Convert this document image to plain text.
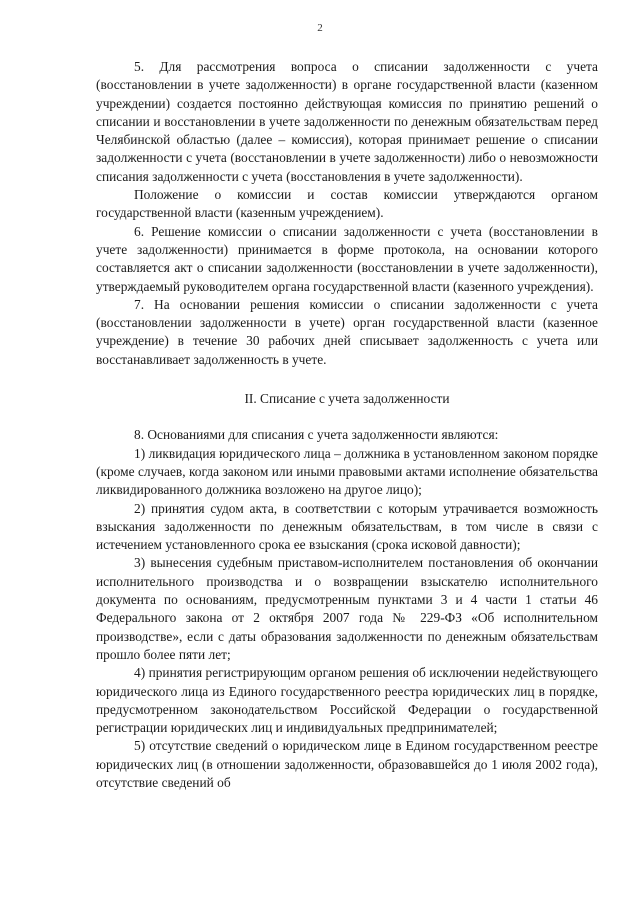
2

5. Для рассмотрения вопроса о списании задолженности с учета (восстановлении в учете задолженности) в органе государственной власти (казенном учреждении) создается постоянно действующая комиссия по принятию решений о списании и восстановлении в учете задолженности по денежным обязательствам перед Челябинской областью (далее – комиссия), которая принимает решение о списании задолженности с учета (восстановлении в учете задолженности) либо о невозможности списания задолженности с учета (восстановления в учете задолженности).

Положение о комиссии и состав комиссии утверждаются органом государственной власти (казенным учреждением).

6. Решение комиссии о списании задолженности с учета (восстановлении в учете задолженности) принимается в форме протокола, на основании которого составляется акт о списании задолженности (восстановлении в учете задолженности), утверждаемый руководителем органа государственной власти (казенного учреждения).

7. На основании решения комиссии о списании задолженности с учета (восстановлении задолженности в учете) орган государственной власти (казенное учреждение) в течение 30 рабочих дней списывает задолженность с учета или восстанавливает задолженность в учете.

II. Списание с учета задолженности

8. Основаниями для списания с учета задолженности являются:

1) ликвидация юридического лица – должника в установленном законом порядке (кроме случаев, когда законом или иными правовыми актами исполнение обязательства ликвидированного должника возложено на другое лицо);

2) принятия судом акта, в соответствии с которым утрачивается возможность взыскания задолженности по денежным обязательствам, в том числе в связи с истечением установленного срока ее взыскания (срока исковой давности);

3) вынесения судебным приставом-исполнителем постановления об окончании исполнительного производства и о возвращении взыскателю исполнительного документа по основаниям, предусмотренным пунктами 3 и 4 части 1 статьи 46 Федерального закона от 2 октября 2007 года № 229-ФЗ «Об исполнительном производстве», если с даты образования задолженности по денежным обязательствам прошло более пяти лет;

4) принятия регистрирующим органом решения об исключении недействующего юридического лица из Единого государственного реестра юридических лиц в порядке, предусмотренном законодательством Российской Федерации о государственной регистрации юридических лиц и индивидуальных предпринимателей;

5) отсутствие сведений о юридическом лице в Едином государственном реестре юридических лиц (в отношении задолженности, образовавшейся до 1 июля 2002 года), отсутствие сведений об
